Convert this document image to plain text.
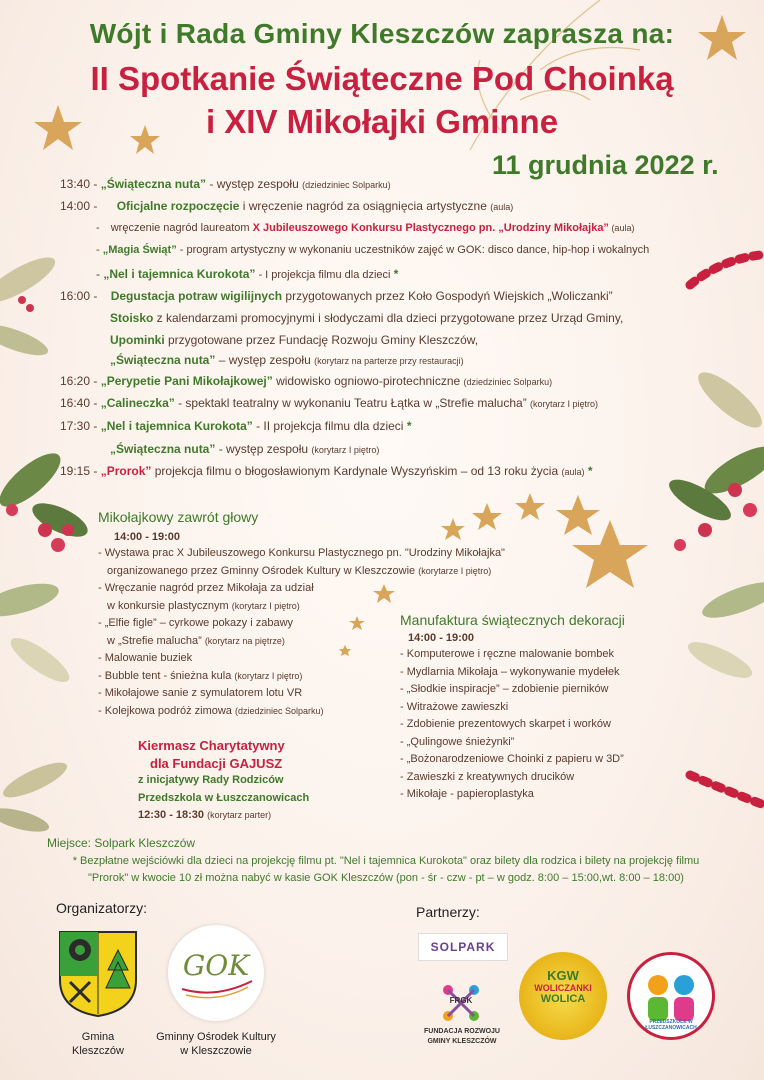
Wójt i Rada Gminy Kleszczów zaprasza na:
II Spotkanie Świąteczne Pod Choinką
i XIV Mikołajki Gminne
11 grudnia 2022 r.
13:40 - „Świąteczna nuta” - występ zespołu (dziedziniec Solparku)
14:00 - Oficjalne rozpoczęcie i wręczenie nagród za osiągnięcia artystyczne (aula)
- wręczenie nagród laureatom X Jubileuszowego Konkursu Plastycznego pn. „Urodziny Mikołajka” (aula)
- „Magia Świąt” - program artystyczny w wykonaniu uczestników zajęć w GOK: disco dance, hip-hop i wokalnych
- „Nel i tajemnica Kurokota” - I projekcja filmu dla dzieci *
16:00 - Degustacja potraw wigilijnych przygotowanych przez Koło Gospodyń Wiejskich „Woliczanki”
Stoisko z kalendarzami promocyjnymi i słodyczami dla dzieci przygotowane przez Urząd Gminy,
Upominki przygotowane przez Fundację Rozwoju Gminy Kleszczów,
„Świąteczna nuta” – występ zespołu (korytarz na parterze przy restauracji)
16:20 - „Perypetie Pani Mikołajkowej” widowisko ogniowo-pirotechniczne (dziedziniec Solparku)
16:40 - „Calineczka” - spektakl teatralny w wykonaniu Teatru Łątka w „Strefie malucha” (korytarz I piętro)
17:30 - „Nel i tajemnica Kurokota” - II projekcja filmu dla dzieci *
„Świąteczna nuta” - występ zespołu (korytarz I piętro)
19:15 - „Prorok” projekcja filmu o błogosławionym Kardynale Wyszyńskim – od 13 roku życia (aula) *
Mikołajkowy zawrót głowy
14:00 - 19:00
- Wystawa prac X Jubileuszowego Konkursu Plastycznego pn. "Urodziny Mikołajka"
organizowanego przez Gminny Ośrodek Kultury w Kleszczowie (korytarze I piętro)
- Wręczanie nagród przez Mikołaja za udział
w konkursie plastycznym (korytarz I piętro)
- „Elfie figle” – cyrkowe pokazy i zabawy
w „Strefie malucha” (korytarz na piętrze)
- Malowanie buziek
- Bubble tent - śnieżna kula (korytarz I piętro)
- Mikołajowe sanie z symulatorem lotu VR
- Kolejkowa podróż zimowa (dziedziniec Solparku)
Kiermasz Charytatywny
dla Fundacji GAJUSZ
z inicjatywy Rady Rodziców
Przedszkola w Łuszczanowicach
12:30 - 18:30 (korytarz parter)
Manufaktura świątecznych dekoracji
14:00 - 19:00
- Komputerowe i ręczne malowanie bombek
- Mydlarnia Mikołaja – wykonywanie mydełek
- „Słodkie inspiracje” – zdobienie pierników
- Witrażowe zawieszki
- Zdobienie prezentowych skarpet i worków
- „Qulingowe śnieżynki”
- „Bożonarodzeniowe Choinki z papieru w 3D”
- Zawieszki z kreatywnych drucików
- Mikołaje - papieroplastyka
Miejsce: Solpark Kleszczów
* Bezpłatne wejściówki dla dzieci na projekcję filmu pt. "Nel i tajemnica Kurokota" oraz bilety dla rodzica i bilety na projekcję filmu
"Prorok" w kwocie 10 zł można nabyć w kasie GOK Kleszczów (pon - śr - czw - pt – w godz. 8:00 – 15:00,wt. 8:00 – 18:00)
Organizatorzy:
Gmina
Kleszczów
GOK
Gminny Ośrodek Kultury
w Kleszczowie
Partnerzy:
SOLPARK
FRGK
FUNDACJA ROZWOJU
GMINY KLESZCZÓW
KGW
WOLICZANKI
WOLICA
PRZEDSZKOLE W ŁUSZCZANOWICACH
